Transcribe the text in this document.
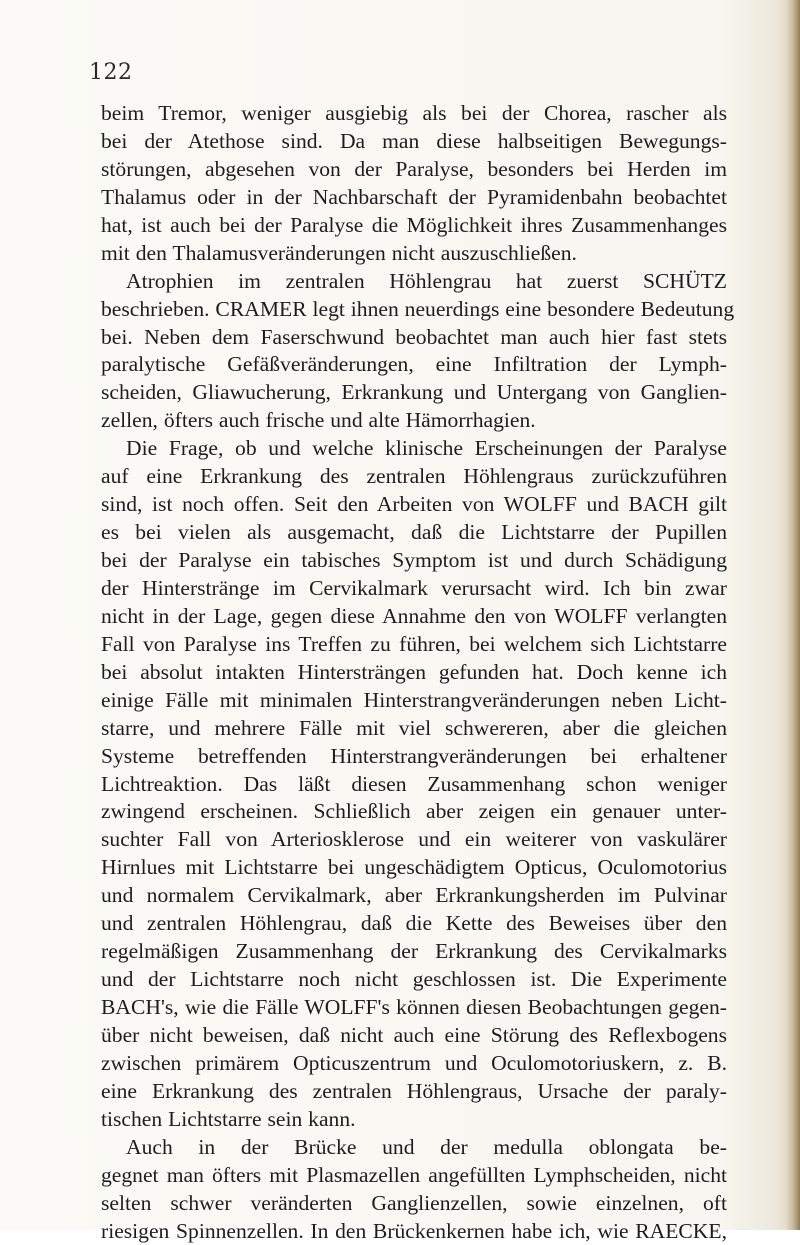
122
beim Tremor, weniger ausgiebig als bei der Chorea, rascher als
bei der Atethose sind. Da man diese halbseitigen Bewegungs-
störungen, abgesehen von der Paralyse, besonders bei Herden im
Thalamus oder in der Nachbarschaft der Pyramidenbahn beobachtet
hat, ist auch bei der Paralyse die Möglichkeit ihres Zusammenhanges
mit den Thalamusveränderungen nicht auszuschließen.
Atrophien im zentralen Höhlengrau hat zuerst SCHÜTZ
beschrieben. CRAMER legt ihnen neuerdings eine besondere Bedeutung
bei. Neben dem Faserschwund beobachtet man auch hier fast stets
paralytische Gefäßveränderungen, eine Infiltration der Lymph-
scheiden, Gliawucherung, Erkrankung und Untergang von Ganglien-
zellen, öfters auch frische und alte Hämorrhagien.
Die Frage, ob und welche klinische Erscheinungen der Paralyse
auf eine Erkrankung des zentralen Höhlengraus zurückzuführen
sind, ist noch offen. Seit den Arbeiten von WOLFF und BACH gilt
es bei vielen als ausgemacht, daß die Lichtstarre der Pupillen
bei der Paralyse ein tabisches Symptom ist und durch Schädigung
der Hinterstränge im Cervikalmark verursacht wird. Ich bin zwar
nicht in der Lage, gegen diese Annahme den von WOLFF verlangten
Fall von Paralyse ins Treffen zu führen, bei welchem sich Lichtstarre
bei absolut intakten Hintersträngen gefunden hat. Doch kenne ich
einige Fälle mit minimalen Hinterstrangveränderungen neben Licht-
starre, und mehrere Fälle mit viel schwereren, aber die gleichen
Systeme betreffenden Hinterstrangveränderungen bei erhaltener
Lichtreaktion. Das läßt diesen Zusammenhang schon weniger
zwingend erscheinen. Schließlich aber zeigen ein genauer unter-
suchter Fall von Arteriosklerose und ein weiterer von vaskulärer
Hirnlues mit Lichtstarre bei ungeschädigtem Opticus, Oculomotorius
und normalem Cervikalmark, aber Erkrankungsherden im Pulvinar
und zentralen Höhlengrau, daß die Kette des Beweises über den
regelmäßigen Zusammenhang der Erkrankung des Cervikalmarks
und der Lichtstarre noch nicht geschlossen ist. Die Experimente
BACH's, wie die Fälle WOLFF's können diesen Beobachtungen gegen-
über nicht beweisen, daß nicht auch eine Störung des Reflexbogens
zwischen primärem Opticuszentrum und Oculomotoriuskern, z. B.
eine Erkrankung des zentralen Höhlengraus, Ursache der paraly-
tischen Lichtstarre sein kann.
Auch in der Brücke und der medulla oblongata be-
gegnet man öfters mit Plasmazellen angefüllten Lymphscheiden, nicht
selten schwer veränderten Ganglienzellen, sowie einzelnen, oft
riesigen Spinnenzellen. In den Brückenkernen habe ich, wie RAECKE,
